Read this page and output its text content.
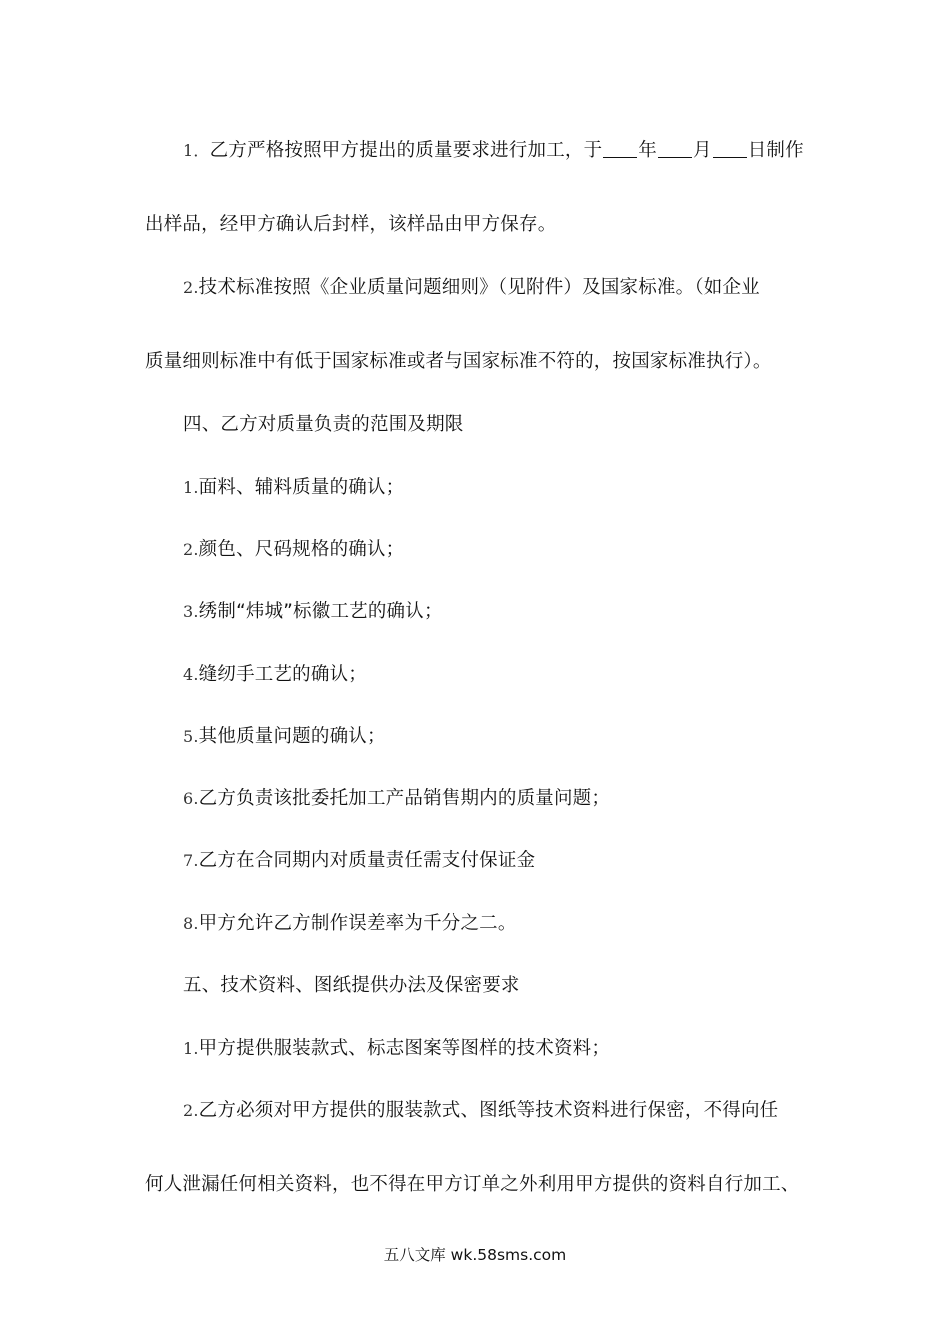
1．乙方严格按照甲方提出的质量要求进行加工，于 年 月 日制作
出样品，经甲方确认后封样，该样品由甲方保存。
2.技术标准按照《企业质量问题细则》（见附件）及国家标准。（如企业
质量细则标准中有低于国家标准或者与国家标准不符的，按国家标准执行）。
四、乙方对质量负责的范围及期限
1.面料、辅料质量的确认；
2.颜色、尺码规格的确认；
3.绣制“炜城”标徽工艺的确认；
4.缝纫手工艺的确认；
5.其他质量问题的确认；
6.乙方负责该批委托加工产品销售期内的质量问题；
7.乙方在合同期内对质量责任需支付保证金
8.甲方允许乙方制作误差率为千分之二。
五、技术资料、图纸提供办法及保密要求
1.甲方提供服装款式、标志图案等图样的技术资料；
2.乙方必须对甲方提供的服装款式、图纸等技术资料进行保密，不得向任
何人泄漏任何相关资料，也不得在甲方订单之外利用甲方提供的资料自行加工、
五八文库 wk.58sms.com
